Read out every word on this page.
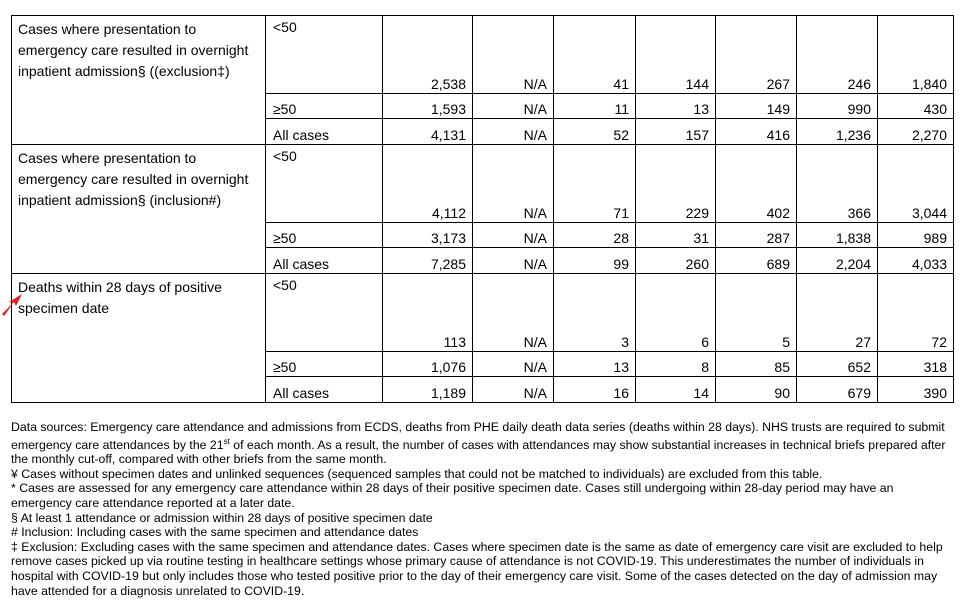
Cases where presentation to emergency care resulted in overnight inpatient admission§ ((exclusion‡)	<50	2,538	N/A	41	144	267	246	1,840
	≥50	1,593	N/A	11	13	149	990	430
	All cases	4,131	N/A	52	157	416	1,236	2,270
Cases where presentation to emergency care resulted in overnight inpatient admission§ (inclusion#)	<50	4,112	N/A	71	229	402	366	3,044
	≥50	3,173	N/A	28	31	287	1,838	989
	All cases	7,285	N/A	99	260	689	2,204	4,033
Deaths within 28 days of positive specimen date	<50	113	N/A	3	6	5	27	72
	≥50	1,076	N/A	13	8	85	652	318
	All cases	1,189	N/A	16	14	90	679	390

Data sources: Emergency care attendance and admissions from ECDS, deaths from PHE daily death data series (deaths within 28 days). NHS trusts are required to submit emergency care attendances by the 21st of each month. As a result, the number of cases with attendances may show substantial increases in technical briefs prepared after the monthly cut-off, compared with other briefs from the same month.

¥ Cases without specimen dates and unlinked sequences (sequenced samples that could not be matched to individuals) are excluded from this table.

* Cases are assessed for any emergency care attendance within 28 days of their positive specimen date. Cases still undergoing within 28-day period may have an emergency care attendance reported at a later date.

§ At least 1 attendance or admission within 28 days of positive specimen date

# Inclusion: Including cases with the same specimen and attendance dates

‡ Exclusion: Excluding cases with the same specimen and attendance dates. Cases where specimen date is the same as date of emergency care visit are excluded to help remove cases picked up via routine testing in healthcare settings whose primary cause of attendance is not COVID-19. This underestimates the number of individuals in hospital with COVID-19 but only includes those who tested positive prior to the day of their emergency care visit. Some of the cases detected on the day of admission may have attended for a diagnosis unrelated to COVID-19.
